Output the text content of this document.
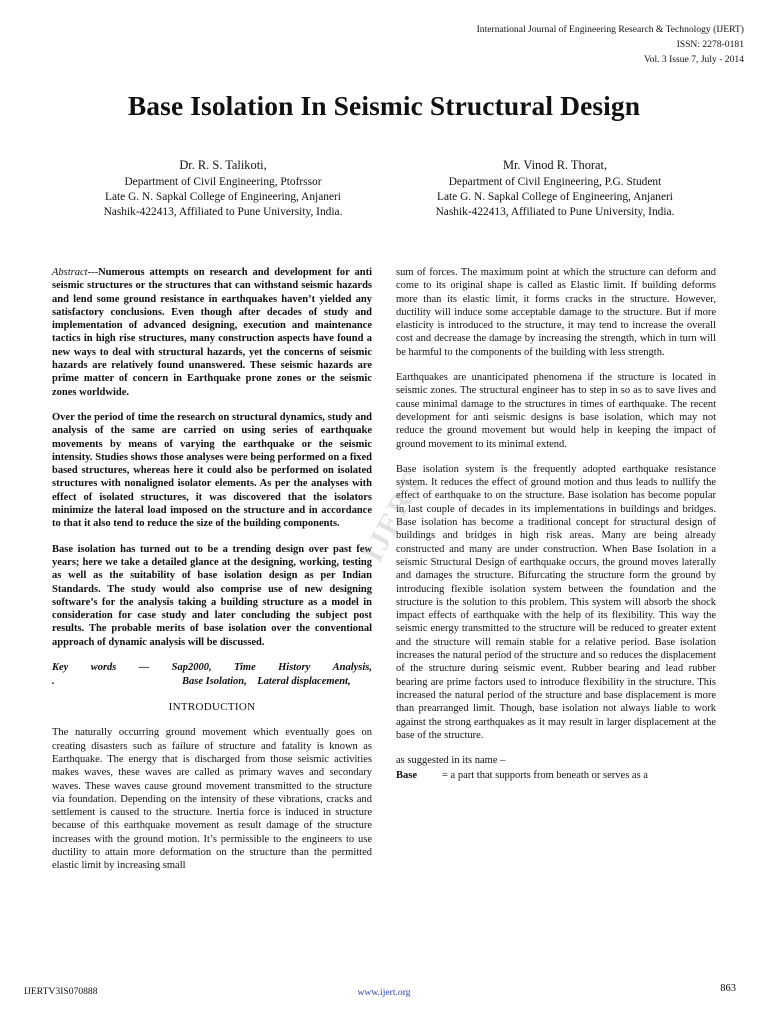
International Journal of Engineering Research & Technology (IJERT)
ISSN: 2278-0181
Vol. 3 Issue 7, July - 2014
Base Isolation In Seismic Structural Design
Dr. R. S. Talikoti,
Department of Civil Engineering, Ptofrssor
Late G. N. Sapkal College of Engineering, Anjaneri
Nashik-422413, Affiliated to Pune University, India.
Mr. Vinod R. Thorat,
Department of Civil Engineering, P.G. Student
Late G. N. Sapkal College of Engineering, Anjaneri
Nashik-422413, Affiliated to Pune University, India.

Abstract---Numerous attempts on research and development for anti seismic structures or the structures that can withstand seismic hazards and lend some ground resistance in earthquakes haven’t yielded any satisfactory conclusions. Even though after decades of study and implementation of advanced designing, execution and maintenance tactics in high rise structures, many construction aspects have found a new ways to deal with structural hazards, yet the concerns of seismic hazards are relatively found unanswered. These seismic hazards are prime matter of concern in Earthquake prone zones or the seismic zones worldwide.

Over the period of time the research on structural dynamics, study and analysis of the same are carried on using series of earthquake movements by means of varying the earthquake or the seismic intensity. Studies shows those analyses were being performed on a fixed based structures, whereas here it could also be performed on isolated structures with nonaligned isolator elements. As per the analyses with effect of isolated structures, it was discovered that the isolators minimize the lateral load imposed on the structure and in accordance to that it also tend to reduce the size of the building components.

Base isolation has turned out to be a trending design over past few years; here we take a detailed glance at the designing, working, testing as well as the suitability of base isolation design as per Indian Standards. The study would also comprise use of new designing software’s for the analysis taking a building structure as a model in consideration for case study and later concluding the subject post results. The probable merits of base isolation over the conventional approach of dynamic analysis will be discussed.

Key words — Sap2000, Time History Analysis,
.	Base Isolation,
Lateral displacement,
INTRODUCTION

The naturally occurring ground movement which eventually goes on creating disasters such as failure of structure and fatality is known as Earthquake. The energy that is discharged from those seismic activities makes waves, these waves are called as primary waves and secondary waves. These waves cause ground movement transmitted to the structure via foundation. Depending on the intensity of these vibrations, cracks and settlement is caused to the structure. Inertia force is induced in structure because of this earthquake movement as result damage of the structure increases with the ground motion. It’s permissible to the engineers to use ductility to attain more deformation on the structure than the permitted elastic limit by increasing small

sum of forces. The maximum point at which the structure can deform and come to its original shape is called as Elastic limit. If building deforms more than its elastic limit, it forms cracks in the structure. However, ductility will induce some acceptable damage to the structure. But if more elasticity is introduced to the structure, it may tend to increase the overall cost and decrease the damage by increasing the strength, which in turn will be harmful to the components of the building with less strength.

Earthquakes are unanticipated phenomena if the structure is located in seismic zones. The structural engineer has to step in so as to save lives and cause minimal damage to the structures in times of earthquake. The recent development for anti seismic designs is base isolation, which may not reduce the ground movement but would help in keeping the impact of ground movement to its minimal extend.

Base isolation system is the frequently adopted earthquake resistance system. It reduces the effect of ground motion and thus leads to nullify the effect of earthquake to on the structure. Base isolation has become popular in last couple of decades in its implementations in buildings and bridges. Base isolation has become a traditional concept for structural design of buildings and bridges in high risk areas. Many are being already constructed and many are under construction. When Base Isolation in a seismic Structural Design of earthquake occurs, the ground moves laterally and damages the structure. Bifurcating the structure form the ground by introducing flexible isolation system between the foundation and the structure is the solution to this problem. This system will absorb the shock impact effects of earthquake with the help of its flexibility. This way the seismic energy transmitted to the structure will be reduced to greater extent and the structure will remain stable for a relative period. Base isolation increases the natural period of the structure and so reduces the displacement of the structure during seismic event. Rubber bearing and lead rubber bearing are prime factors used to introduce flexibility in the structure. This increased the natural period of the structure and base displacement is more than prearranged limit. Though, base isolation not always liable to work against the strong earthquakes as it may result in larger displacement at the base of the structure.

as suggested in its name –

Base	= a part that supports from beneath or serves as a
IJERT
IJERTV3IS070888	www.ijert.org	863
